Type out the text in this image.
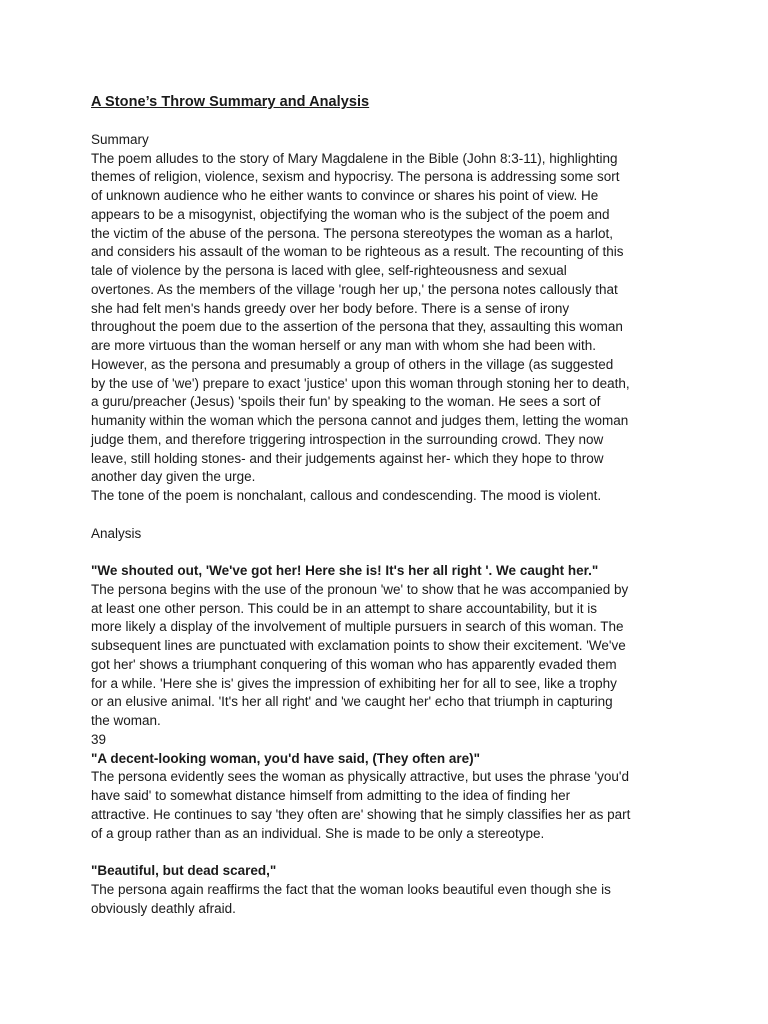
A Stone’s Throw Summary and Analysis

Summary

The poem alludes to the story of Mary Magdalene in the Bible (John 8:3-11), highlighting themes of religion, violence, sexism and hypocrisy. The persona is addressing some sort of unknown audience who he either wants to convince or shares his point of view. He appears to be a misogynist, objectifying the woman who is the subject of the poem and the victim of the abuse of the persona. The persona stereotypes the woman as a harlot, and considers his assault of the woman to be righteous as a result. The recounting of this tale of violence by the persona is laced with glee, self-righteousness and sexual overtones. As the members of the village 'rough her up,' the persona notes callously that she had felt men's hands greedy over her body before. There is a sense of irony throughout the poem due to the assertion of the persona that they, assaulting this woman are more virtuous than the woman herself or any man with whom she had been with. However, as the persona and presumably a group of others in the village (as suggested by the use of 'we') prepare to exact 'justice' upon this woman through stoning her to death, a guru/preacher (Jesus) 'spoils their fun' by speaking to the woman. He sees a sort of humanity within the woman which the persona cannot and judges them, letting the woman judge them, and therefore triggering introspection in the surrounding crowd. They now leave, still holding stones- and their judgements against her- which they hope to throw another day given the urge.

The tone of the poem is nonchalant, callous and condescending. The mood is violent.

Analysis

"We shouted out, 'We've got her! Here she is! It's her all right '. We caught her."

The persona begins with the use of the pronoun 'we' to show that he was accompanied by at least one other person. This could be in an attempt to share accountability, but it is more likely a display of the involvement of multiple pursuers in search of this woman. The subsequent lines are punctuated with exclamation points to show their excitement. 'We've got her' shows a triumphant conquering of this woman who has apparently evaded them for a while. 'Here she is' gives the impression of exhibiting her for all to see, like a trophy or an elusive animal. 'It's her all right' and 'we caught her' echo that triumph in capturing the woman.

39

"A decent-looking woman, you'd have said, (They often are)"

The persona evidently sees the woman as physically attractive, but uses the phrase 'you'd have said' to somewhat distance himself from admitting to the idea of finding her attractive. He continues to say 'they often are' showing that he simply classifies her as part of a group rather than as an individual. She is made to be only a stereotype.

"Beautiful, but dead scared,"

The persona again reaffirms the fact that the woman looks beautiful even though she is obviously deathly afraid.
